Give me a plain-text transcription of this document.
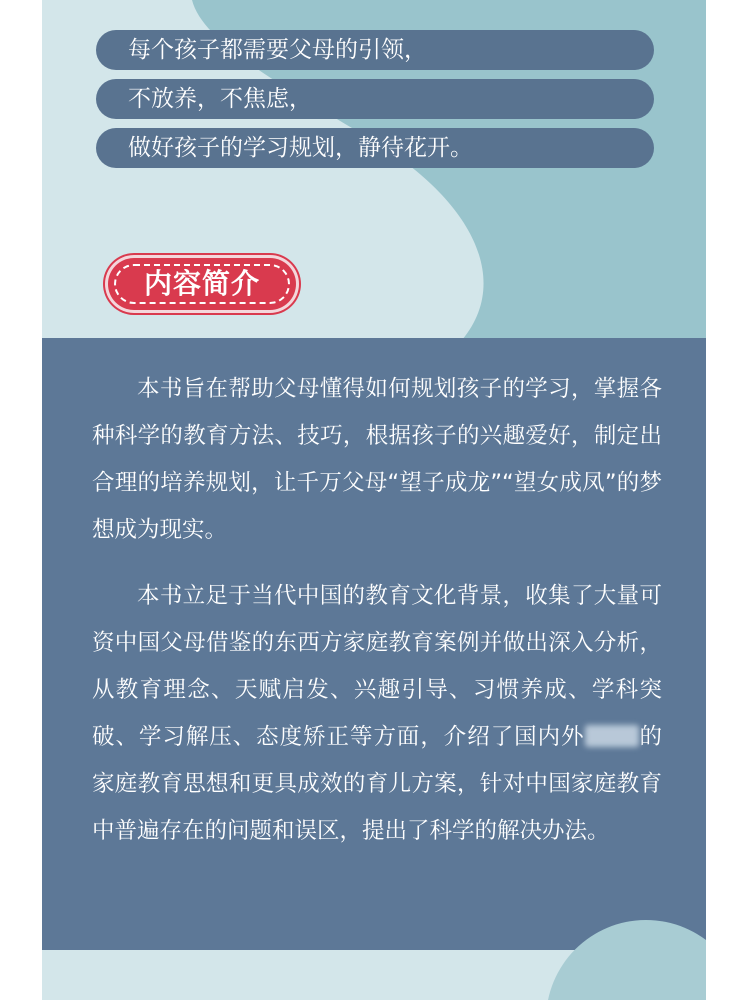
每个孩子都需要父母的引领，
不放养，不焦虑，
做好孩子的学习规划，静待花开。
内容简介

本书旨在帮助父母懂得如何规划孩子的学习，掌握各种科学的教育方法、技巧，根据孩子的兴趣爱好，制定出合理的培养规划，让千万父母“望子成龙”“望女成凤”的梦想成为现实。

本书立足于当代中国的教育文化背景，收集了大量可资中国父母借鉴的东西方家庭教育案例并做出深入分析，从教育理念、天赋启发、兴趣引导、习惯养成、学科突破、学习解压、态度矫正等方面，介绍了国内外 的家庭教育思想和更具成效的育儿方案，针对中国家庭教育中普遍存在的问题和误区，提出了科学的解决办法。
